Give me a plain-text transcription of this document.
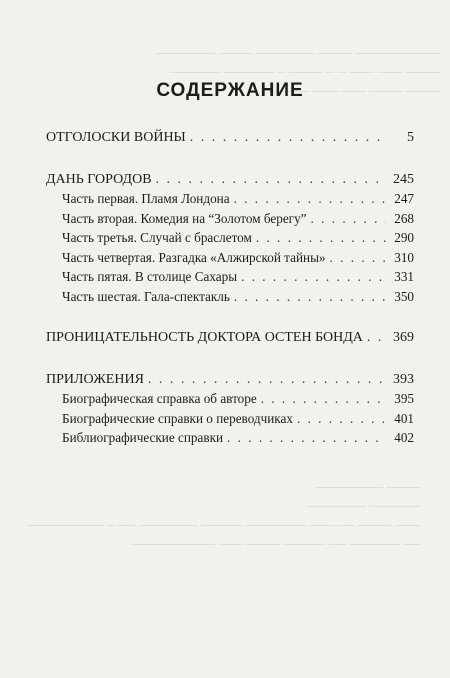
────────── ──── ─────── ──── ───────
──── ─── ─── ─ ─ ──── ─ ────── ──────
──── ──── ─── ─── ─ ───
──── ────────
────── ───────
─── ──── ── ─── ─────── ───── ─────── ── ─ ─────────
── ────── ── ───── ──── ─── ──────────
СОДЕРЖАНИЕ
ОТГОЛОСКИ ВОЙНЫ . . .	5
ДАНЬ ГОРОДОВ . . .	245
Часть первая. Пламя Лондона . . .	247
Часть вторая. Комедия на “Золотом берегу” . . .	268
Часть третья. Случай с браслетом . . .	290
Часть четвертая. Разгадка «Алжирской тайны» . . .	310
Часть пятая. В столице Сахары . . .	331
Часть шестая. Гала-спектакль . . .	350
ПРОНИЦАТЕЛЬНОСТЬ ДОКТОРА ОСТЕН БОНДА . . . 369
ПРИЛОЖЕНИЯ . . .	393
Биографическая справка об авторе . . .	395
Биографические справки о переводчиках . . .	401
Библиографические справки . . .	402
